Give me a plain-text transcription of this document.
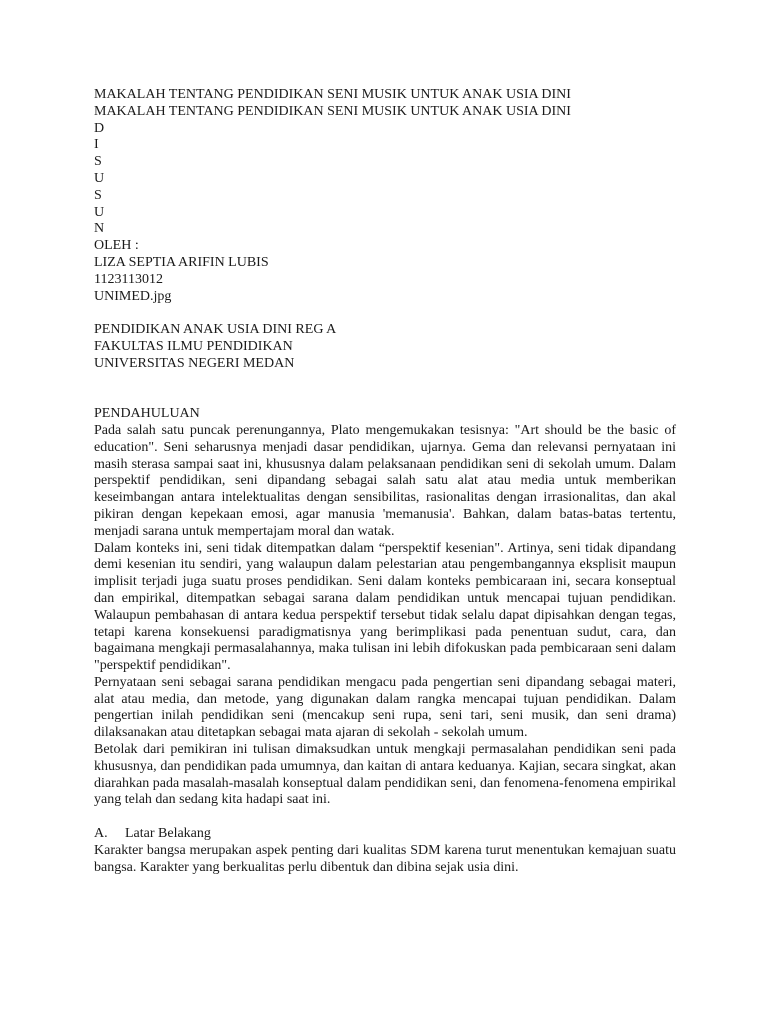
MAKALAH TENTANG PENDIDIKAN SENI MUSIK UNTUK ANAK USIA DINI
MAKALAH TENTANG PENDIDIKAN SENI MUSIK UNTUK ANAK USIA DINI
D
I
S
U
S
U
N
OLEH :
LIZA SEPTIA ARIFIN LUBIS
1123113012
UNIMED.jpg
PENDIDIKAN ANAK USIA DINI REG A
FAKULTAS ILMU PENDIDIKAN
UNIVERSITAS NEGERI MEDAN
PENDAHULUAN

Pada salah satu puncak perenungannya, Plato mengemukakan tesisnya: "Art should be the basic of education". Seni seharusnya menjadi dasar pendidikan, ujarnya. Gema dan relevansi pernyataan ini masih sterasa sampai saat ini, khususnya dalam pelaksanaan pendidikan seni di sekolah umum. Dalam perspektif pendidikan, seni dipandang sebagai salah satu alat atau media untuk memberikan keseimbangan antara intelektualitas dengan sensibilitas, rasionalitas dengan irrasionalitas, dan akal pikiran dengan kepekaan emosi, agar manusia 'memanusia'. Bahkan, dalam batas-batas tertentu, menjadi sarana untuk mempertajam moral dan watak.

Dalam konteks ini, seni tidak ditempatkan dalam “perspektif kesenian". Artinya, seni tidak dipandang demi kesenian itu sendiri, yang walaupun dalam pelestarian atau pengembangannya eksplisit maupun implisit terjadi juga suatu proses pendidikan. Seni dalam konteks pembicaraan ini, secara konseptual dan empirikal, ditempatkan sebagai sarana dalam pendidikan untuk mencapai tujuan pendidikan. Walaupun pembahasan di antara kedua perspektif tersebut tidak selalu dapat dipisahkan dengan tegas, tetapi karena konsekuensi paradigmatisnya yang berimplikasi pada penentuan sudut, cara, dan bagaimana mengkaji permasalahannya, maka tulisan ini lebih difokuskan pada pembicaraan seni dalam "perspektif pendidikan".

Pernyataan seni sebagai sarana pendidikan mengacu pada pengertian seni dipandang sebagai materi, alat atau media, dan metode, yang digunakan dalam rangka mencapai tujuan pendidikan. Dalam pengertian inilah pendidikan seni (mencakup seni rupa, seni tari, seni musik, dan seni drama) dilaksanakan atau ditetapkan sebagai mata ajaran di sekolah - sekolah umum.

Betolak dari pemikiran ini tulisan dimaksudkan untuk mengkaji permasalahan pendidikan seni pada khususnya, dan pendidikan pada umumnya, dan kaitan di antara keduanya. Kajian, secara singkat, akan diarahkan pada masalah-masalah konseptual dalam pendidikan seni, dan fenomena-fenomena empirikal yang telah dan sedang kita hadapi saat ini.

A. Latar Belakang

Karakter bangsa merupakan aspek penting dari kualitas SDM karena turut menentukan kemajuan suatu bangsa. Karakter yang berkualitas perlu dibentuk dan dibina sejak usia dini.
